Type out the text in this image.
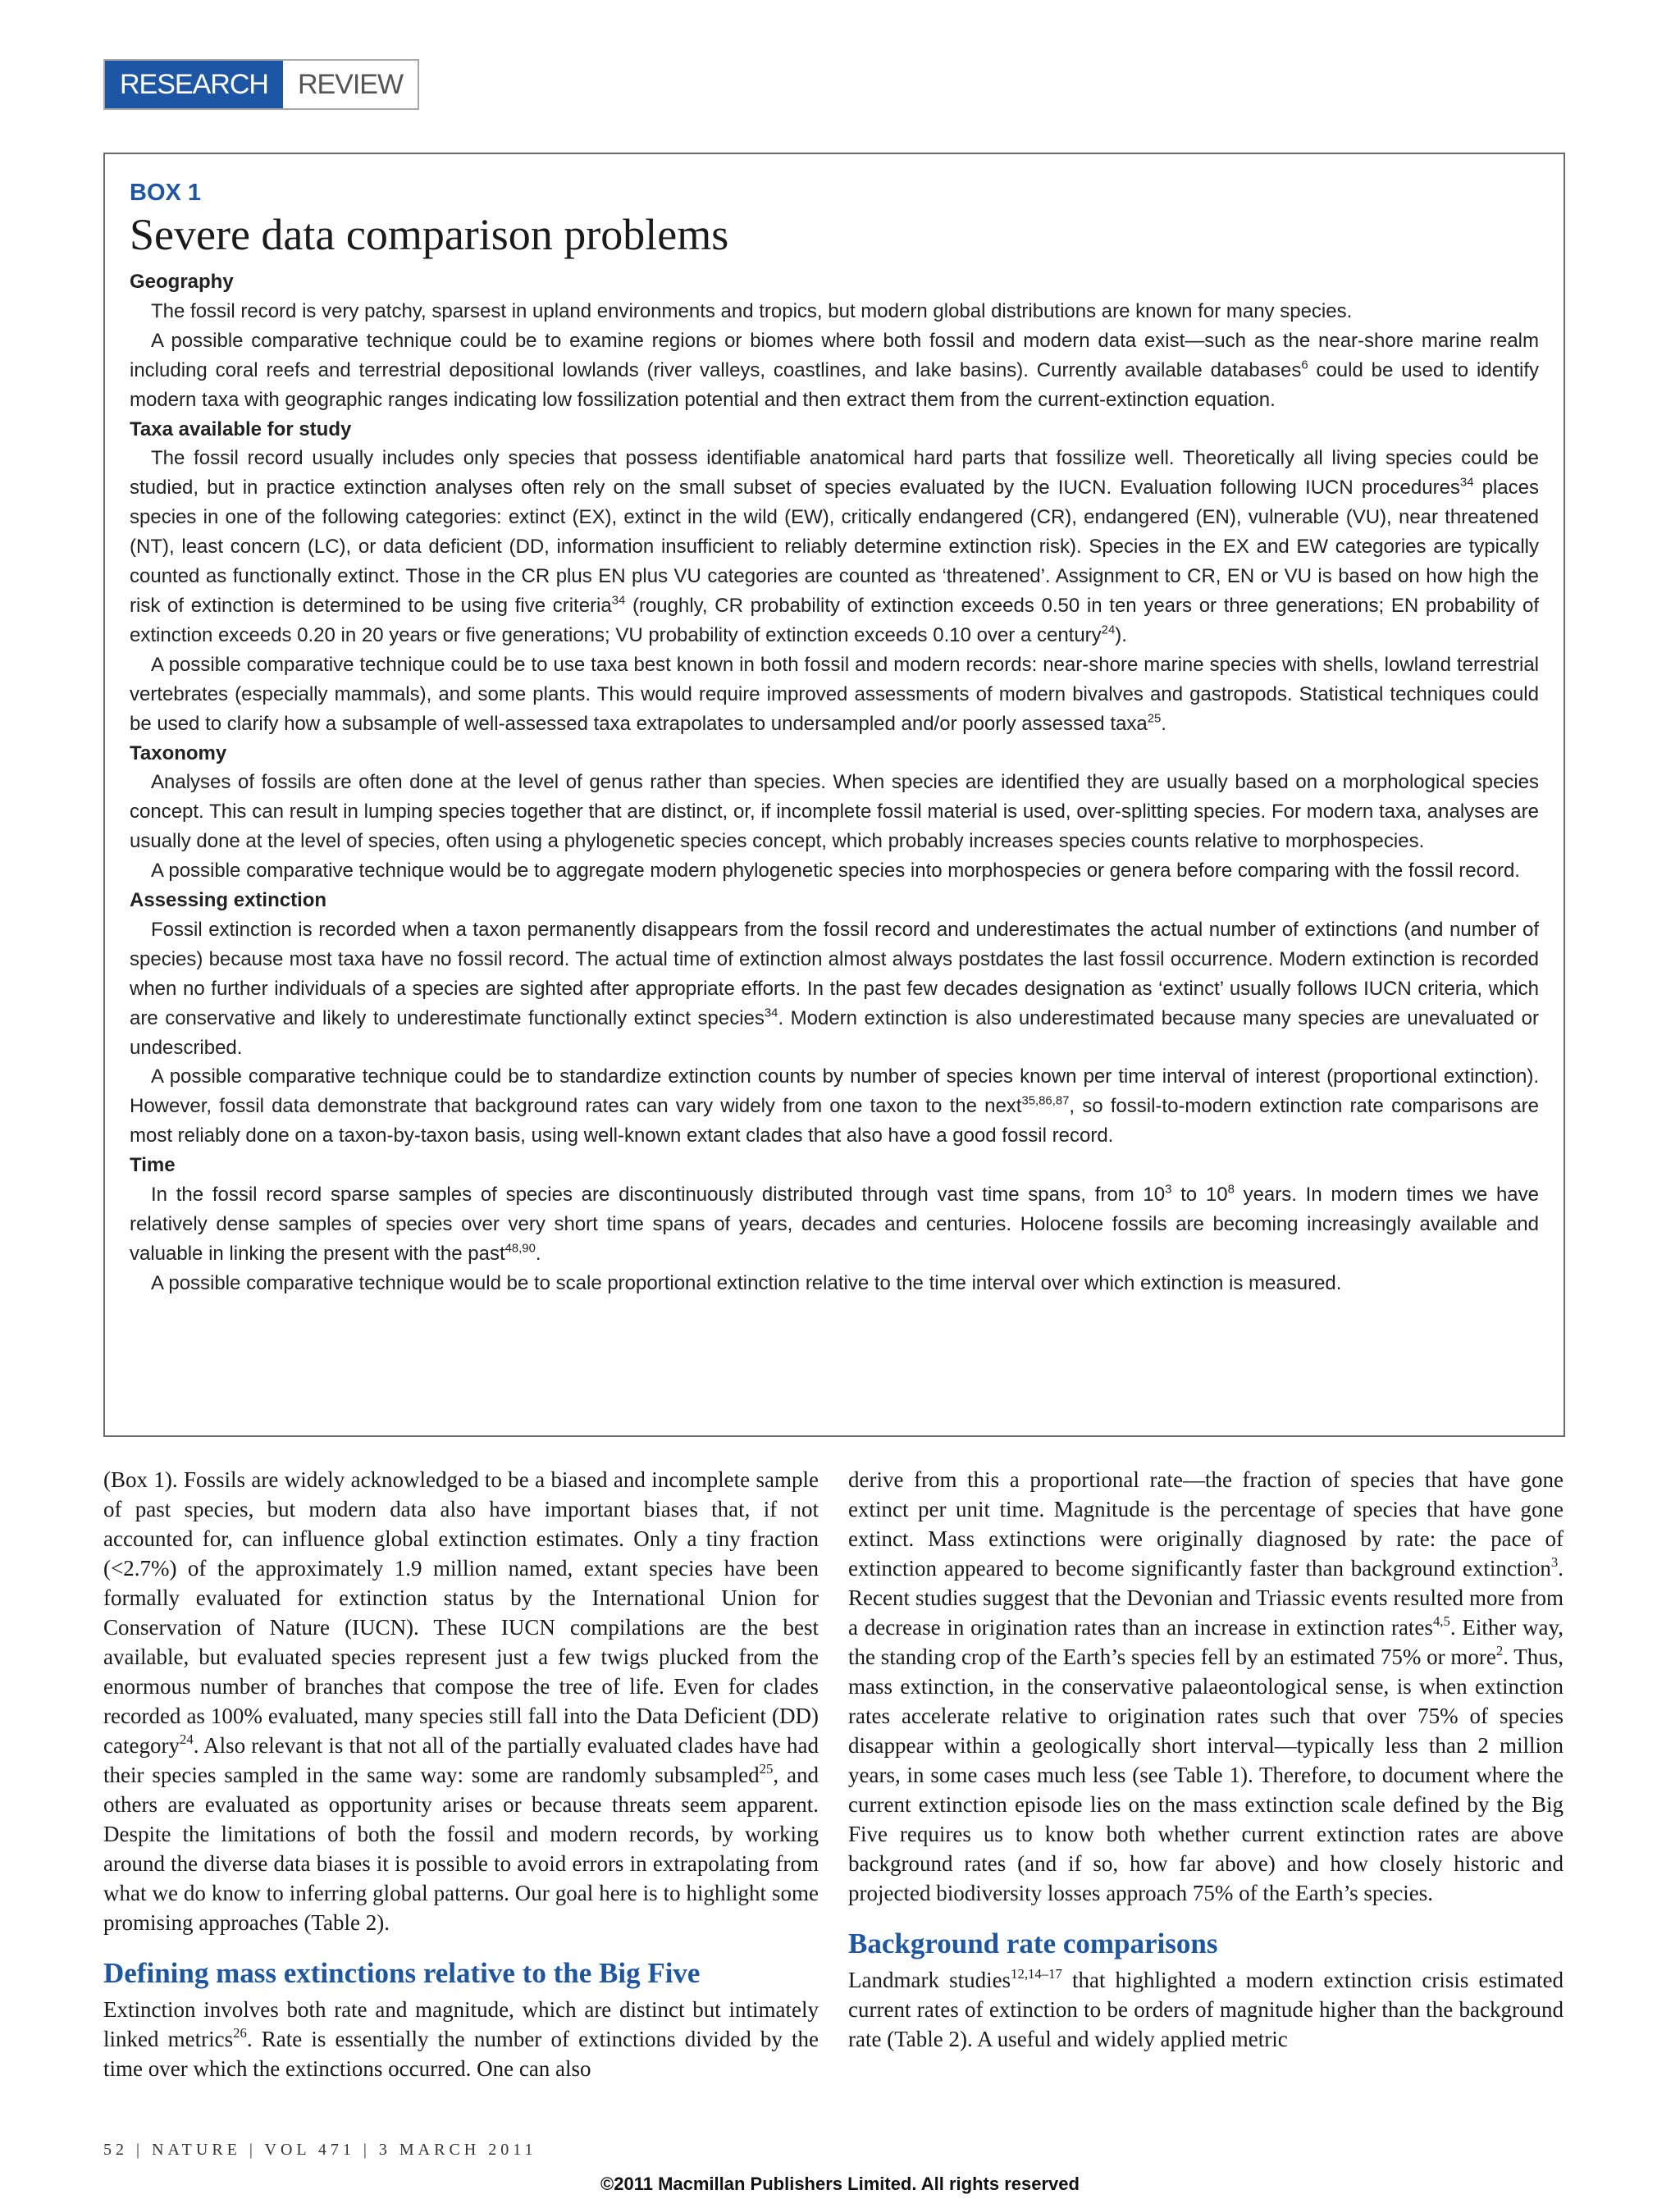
RESEARCH	REVIEW
BOX 1
Severe data comparison problems
Geography

The fossil record is very patchy, sparsest in upland environments and tropics, but modern global distributions are known for many species.

A possible comparative technique could be to examine regions or biomes where both fossil and modern data exist—such as the near-shore marine realm including coral reefs and terrestrial depositional lowlands (river valleys, coastlines, and lake basins). Currently available databases$^6$ could be used to identify modern taxa with geographic ranges indicating low fossilization potential and then extract them from the current-extinction equation.

Taxa available for study

The fossil record usually includes only species that possess identifiable anatomical hard parts that fossilize well. Theoretically all living species could be studied, but in practice extinction analyses often rely on the small subset of species evaluated by the IUCN. Evaluation following IUCN procedures$^{34}$ places species in one of the following categories: extinct (EX), extinct in the wild (EW), critically endangered (CR), endangered (EN), vulnerable (VU), near threatened (NT), least concern (LC), or data deficient (DD, information insufficient to reliably determine extinction risk). Species in the EX and EW categories are typically counted as functionally extinct. Those in the CR plus EN plus VU categories are counted as ‘threatened’. Assignment to CR, EN or VU is based on how high the risk of extinction is determined to be using five criteria$^{34}$ (roughly, CR probability of extinction exceeds 0.50 in ten years or three generations; EN probability of extinction exceeds 0.20 in 20 years or five generations; VU probability of extinction exceeds 0.10 over a century$^{24}$).

A possible comparative technique could be to use taxa best known in both fossil and modern records: near-shore marine species with shells, lowland terrestrial vertebrates (especially mammals), and some plants. This would require improved assessments of modern bivalves and gastropods. Statistical techniques could be used to clarify how a subsample of well-assessed taxa extrapolates to undersampled and/or poorly assessed taxa$^{25}$.

Taxonomy

Analyses of fossils are often done at the level of genus rather than species. When species are identified they are usually based on a morphological species concept. This can result in lumping species together that are distinct, or, if incomplete fossil material is used, over-splitting species. For modern taxa, analyses are usually done at the level of species, often using a phylogenetic species concept, which probably increases species counts relative to morphospecies.

A possible comparative technique would be to aggregate modern phylogenetic species into morphospecies or genera before comparing with the fossil record.

Assessing extinction

Fossil extinction is recorded when a taxon permanently disappears from the fossil record and underestimates the actual number of extinctions (and number of species) because most taxa have no fossil record. The actual time of extinction almost always postdates the last fossil occurrence. Modern extinction is recorded when no further individuals of a species are sighted after appropriate efforts. In the past few decades designation as ‘extinct’ usually follows IUCN criteria, which are conservative and likely to underestimate functionally extinct species$^{34}$. Modern extinction is also underestimated because many species are unevaluated or undescribed.

A possible comparative technique could be to standardize extinction counts by number of species known per time interval of interest (proportional extinction). However, fossil data demonstrate that background rates can vary widely from one taxon to the next$^{35,86,87}$, so fossil-to-modern extinction rate comparisons are most reliably done on a taxon-by-taxon basis, using well-known extant clades that also have a good fossil record.

Time

In the fossil record sparse samples of species are discontinuously distributed through vast time spans, from $10^3$ to $10^8$ years. In modern times we have relatively dense samples of species over very short time spans of years, decades and centuries. Holocene fossils are becoming increasingly available and valuable in linking the present with the past$^{48,90}$.

A possible comparative technique would be to scale proportional extinction relative to the time interval over which extinction is measured.

(Box 1). Fossils are widely acknowledged to be a biased and incomplete sample of past species, but modern data also have important biases that, if not accounted for, can influence global extinction estimates. Only a tiny fraction (<2.7%) of the approximately 1.9 million named, extant species have been formally evaluated for extinction status by the International Union for Conservation of Nature (IUCN). These IUCN compilations are the best available, but evaluated species represent just a few twigs plucked from the enormous number of branches that compose the tree of life. Even for clades recorded as 100% evaluated, many species still fall into the Data Deficient (DD) category$^{24}$. Also relevant is that not all of the partially evaluated clades have had their species sampled in the same way: some are randomly subsampled$^{25}$, and others are evaluated as opportunity arises or because threats seem apparent. Despite the limitations of both the fossil and modern records, by working around the diverse data biases it is possible to avoid errors in extrapolating from what we do know to inferring global patterns. Our goal here is to highlight some promising approaches (Table 2).

Defining mass extinctions relative to the Big Five

Extinction involves both rate and magnitude, which are distinct but intimately linked metrics$^{26}$. Rate is essentially the number of extinctions divided by the time over which the extinctions occurred. One can also

derive from this a proportional rate—the fraction of species that have gone extinct per unit time. Magnitude is the percentage of species that have gone extinct. Mass extinctions were originally diagnosed by rate: the pace of extinction appeared to become significantly faster than background extinction$^3$. Recent studies suggest that the Devonian and Triassic events resulted more from a decrease in origination rates than an increase in extinction rates$^{4,5}$. Either way, the standing crop of the Earth’s species fell by an estimated 75% or more$^2$. Thus, mass extinction, in the conservative palaeontological sense, is when extinction rates accelerate relative to origination rates such that over 75% of species disappear within a geologically short interval—typically less than 2 million years, in some cases much less (see Table 1). Therefore, to document where the current extinction episode lies on the mass extinction scale defined by the Big Five requires us to know both whether current extinction rates are above background rates (and if so, how far above) and how closely historic and projected biodiversity losses approach 75% of the Earth’s species.

Background rate comparisons

Landmark studies$^{12,14-17}$ that highlighted a modern extinction crisis estimated current rates of extinction to be orders of magnitude higher than the background rate (Table 2). A useful and widely applied metric

52 | NATURE | VOL 471 | 3 MARCH 2011
©2011 Macmillan Publishers Limited. All rights reserved
